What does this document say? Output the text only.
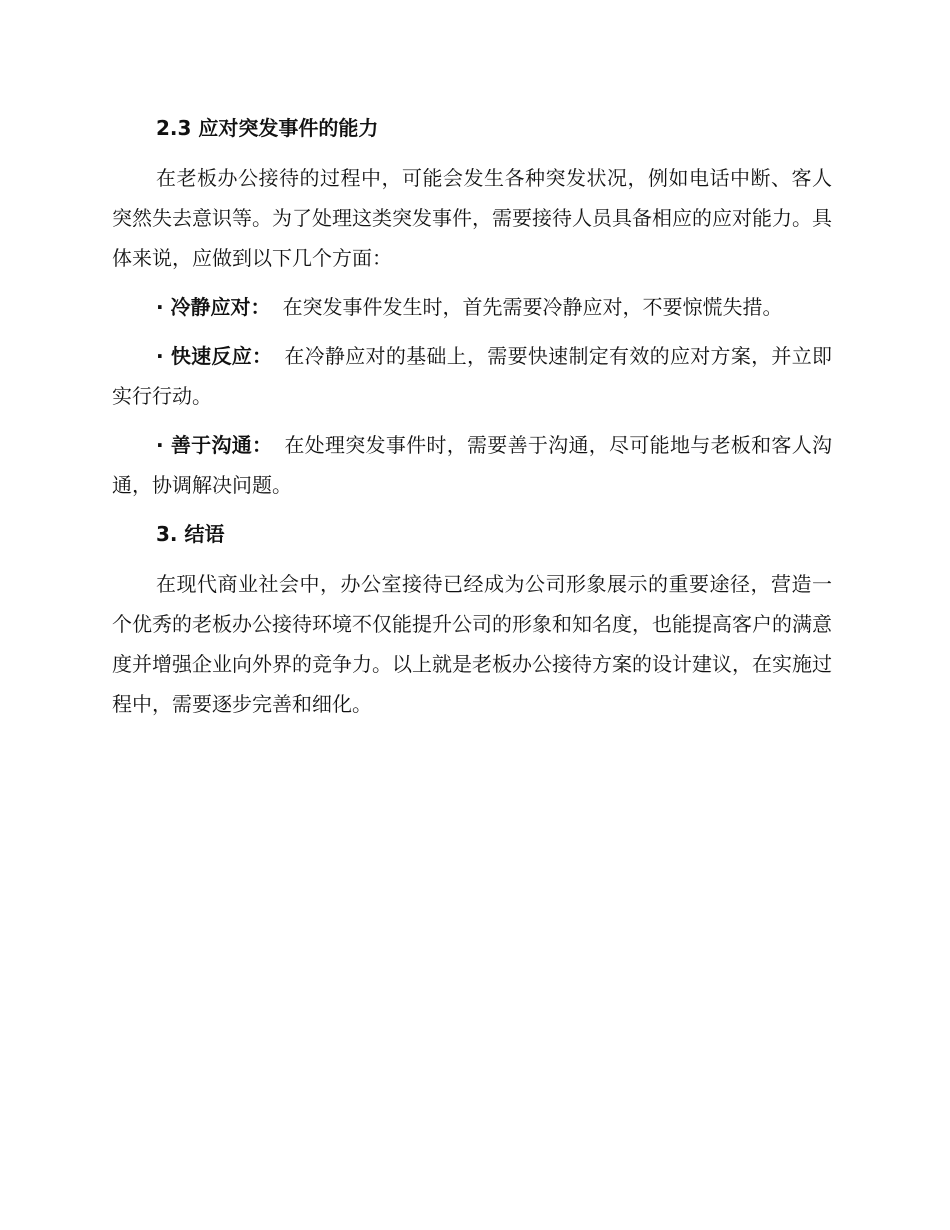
2.3 应对突发事件的能力

在老板办公接待的过程中，可能会发生各种突发状况，例如电话中断、客人突然失去意识等。为了处理这类突发事件，需要接待人员具备相应的应对能力。具体来说，应做到以下几个方面：

· 冷静应对： 在突发事件发生时，首先需要冷静应对，不要惊慌失措。

· 快速反应： 在冷静应对的基础上，需要快速制定有效的应对方案，并立即实行行动。

· 善于沟通： 在处理突发事件时，需要善于沟通，尽可能地与老板和客人沟通，协调解决问题。

3. 结语

在现代商业社会中，办公室接待已经成为公司形象展示的重要途径，营造一个优秀的老板办公接待环境不仅能提升公司的形象和知名度，也能提高客户的满意度并增强企业向外界的竞争力。以上就是老板办公接待方案的设计建议，在实施过程中，需要逐步完善和细化。
